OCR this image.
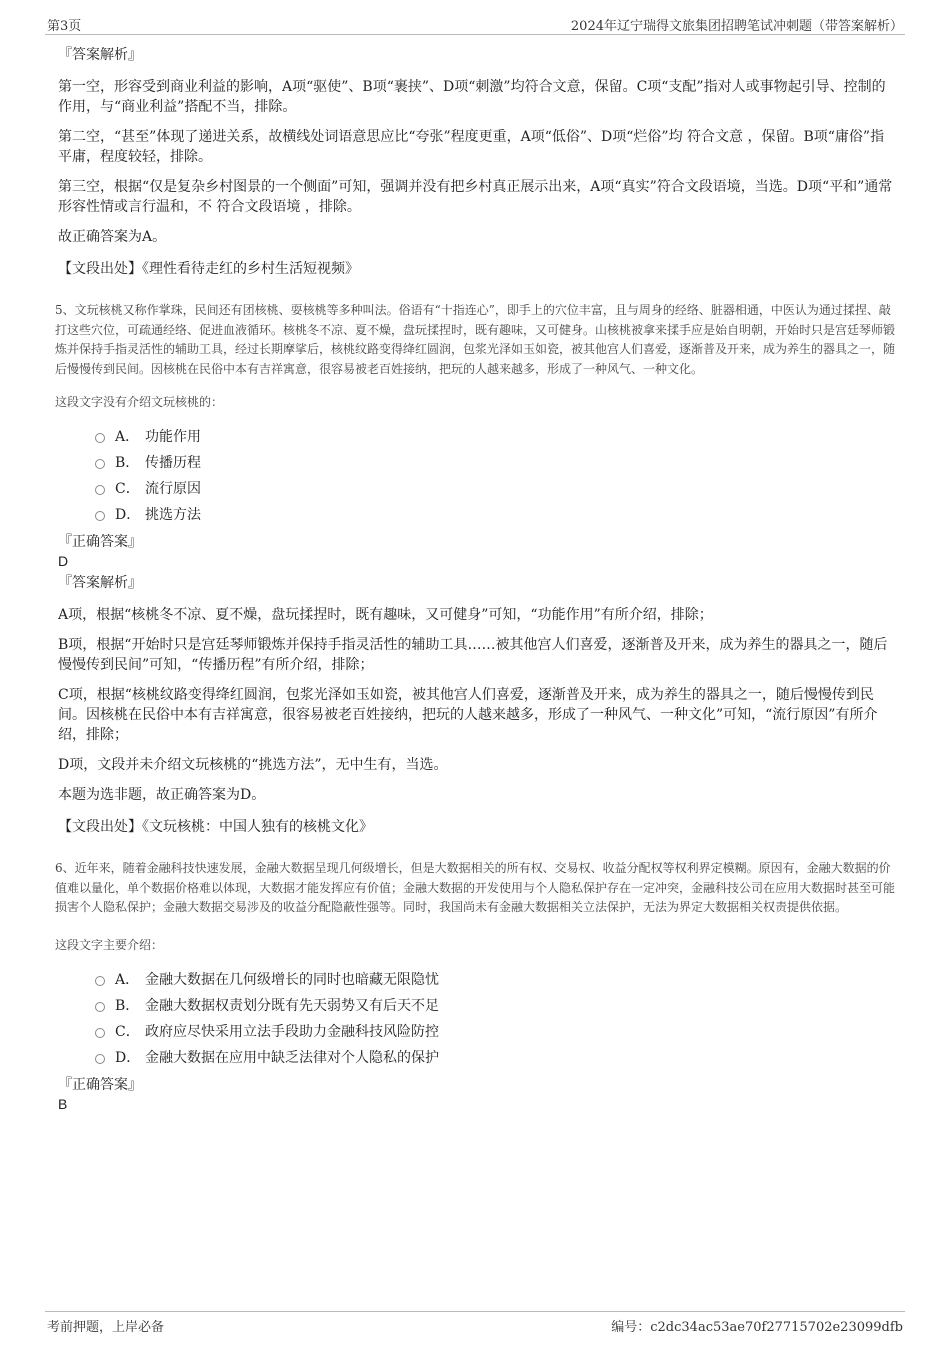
第3页	2024年辽宁瑞得文旅集团招聘笔试冲刺题（带答案解析）
『答案解析』

第一空，形容受到商业利益的影响，A项“驱使”、B项“裹挟”、D项“刺激”均符合文意，保留。C项“支配”指对人或事物起引导、控制的作用，与“商业利益”搭配不当，排除。

第二空，“甚至”体现了递进关系，故横线处词语意思应比“夸张”程度更重，A项“低俗”、D项“烂俗”均 符合文意 ，保留。B项“庸俗”指平庸，程度较轻，排除。

第三空，根据“仅是复杂乡村图景的一个侧面”可知，强调并没有把乡村真正展示出来，A项“真实”符合文段语境，当选。D项“平和”通常形容性情或言行温和，不 符合文段语境 ，排除。

故正确答案为A。

【文段出处】《理性看待走红的乡村生活短视频》

5、文玩核桃又称作掌珠，民间还有团核桃、耍核桃等多种叫法。俗语有“十指连心”，即手上的穴位丰富，且与周身的经络、脏器相通，中医认为通过揉捏、敲打这些穴位，可疏通经络、促进血液循环。核桃冬不凉、夏不燥，盘玩揉捏时，既有趣味，又可健身。山核桃被拿来揉手应是始自明朝，开始时只是宫廷琴师锻炼并保持手指灵活性的辅助工具，经过长期摩挲后，核桃纹路变得绛红圆润，包浆光泽如玉如瓷，被其他宫人们喜爱，逐渐普及开来，成为养生的器具之一，随后慢慢传到民间。因核桃在民俗中本有吉祥寓意，很容易被老百姓接纳，把玩的人越来越多，形成了一种风气、一种文化。

这段文字没有介绍文玩核桃的：

A． 功能作用
B． 传播历程
C． 流行原因
D． 挑选方法
『正确答案』
D
『答案解析』

A项，根据“核桃冬不凉、夏不燥，盘玩揉捏时，既有趣味，又可健身”可知，“功能作用”有所介绍，排除；

B项，根据“开始时只是宫廷琴师锻炼并保持手指灵活性的辅助工具……被其他宫人们喜爱，逐渐普及开来，成为养生的器具之一，随后慢慢传到民间”可知，“传播历程”有所介绍，排除；

C项，根据“核桃纹路变得绛红圆润，包浆光泽如玉如瓷，被其他宫人们喜爱，逐渐普及开来，成为养生的器具之一，随后慢慢传到民间。因核桃在民俗中本有吉祥寓意，很容易被老百姓接纳，把玩的人越来越多，形成了一种风气、一种文化”可知，“流行原因”有所介绍，排除；

D项，文段并未介绍文玩核桃的“挑选方法”，无中生有，当选。

本题为选非题，故正确答案为D。

【文段出处】《文玩核桃：中国人独有的核桃文化》

6、近年来，随着金融科技快速发展，金融大数据呈现几何级增长，但是大数据相关的所有权、交易权、收益分配权等权利界定模糊。原因有，金融大数据的价值难以量化，单个数据价格难以体现，大数据才能发挥应有价值；金融大数据的开发使用与个人隐私保护存在一定冲突，金融科技公司在应用大数据时甚至可能损害个人隐私保护；金融大数据交易涉及的收益分配隐蔽性强等。同时，我国尚未有金融大数据相关立法保护，无法为界定大数据相关权责提供依据。

这段文字主要介绍：

A． 金融大数据在几何级增长的同时也暗藏无限隐忧
B． 金融大数据权责划分既有先天弱势又有后天不足
C． 政府应尽快采用立法手段助力金融科技风险防控
D． 金融大数据在应用中缺乏法律对个人隐私的保护
『正确答案』
B
考前押题，上岸必备	编号：c2dc34ac53ae70f27715702e23099dfb
